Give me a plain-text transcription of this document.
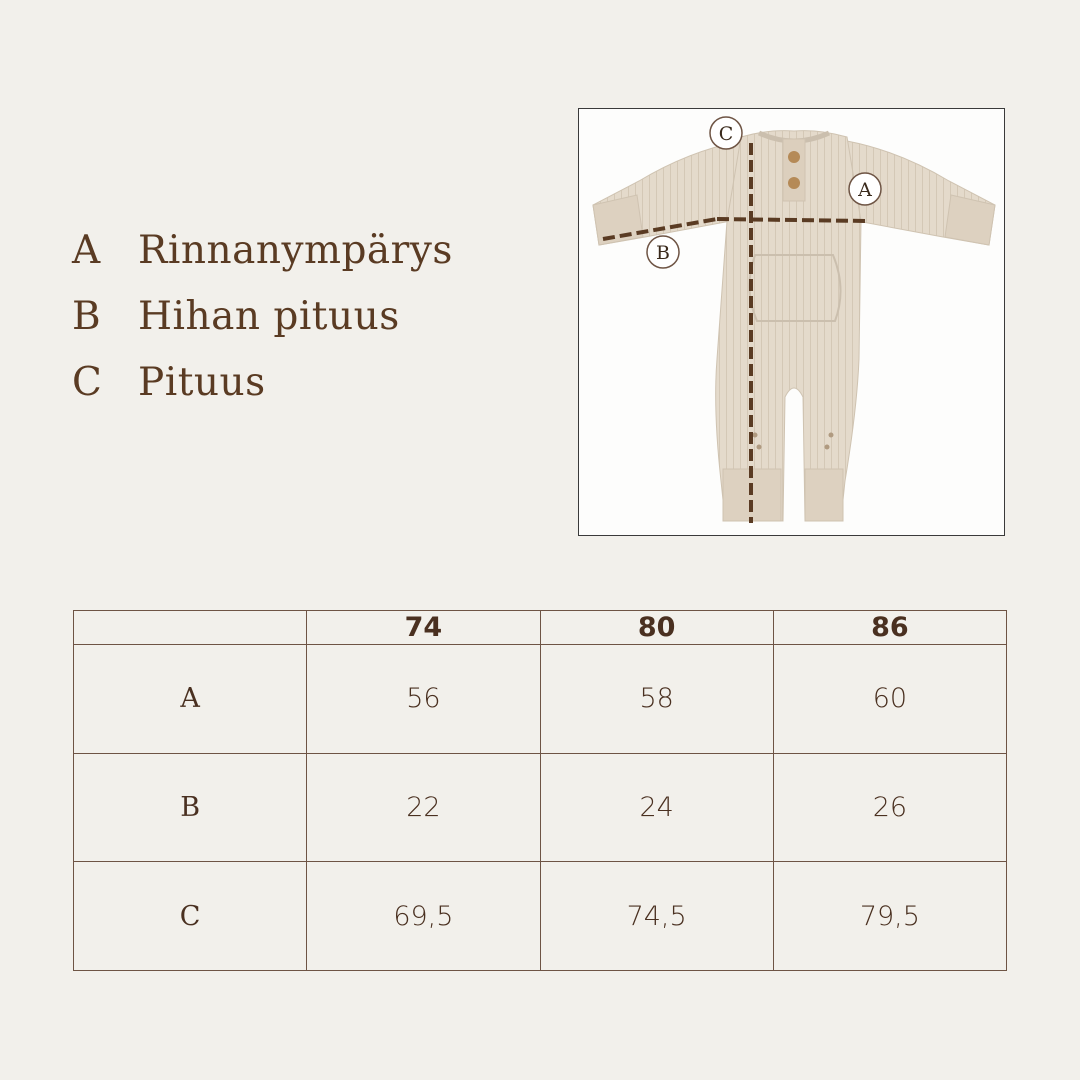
A Rinnanympärys
B Hihan pituus
C Pituus
C
A
B
	74	80	86
A	56	58	60
B	22	24	26
C	69,5	74,5	79,5
